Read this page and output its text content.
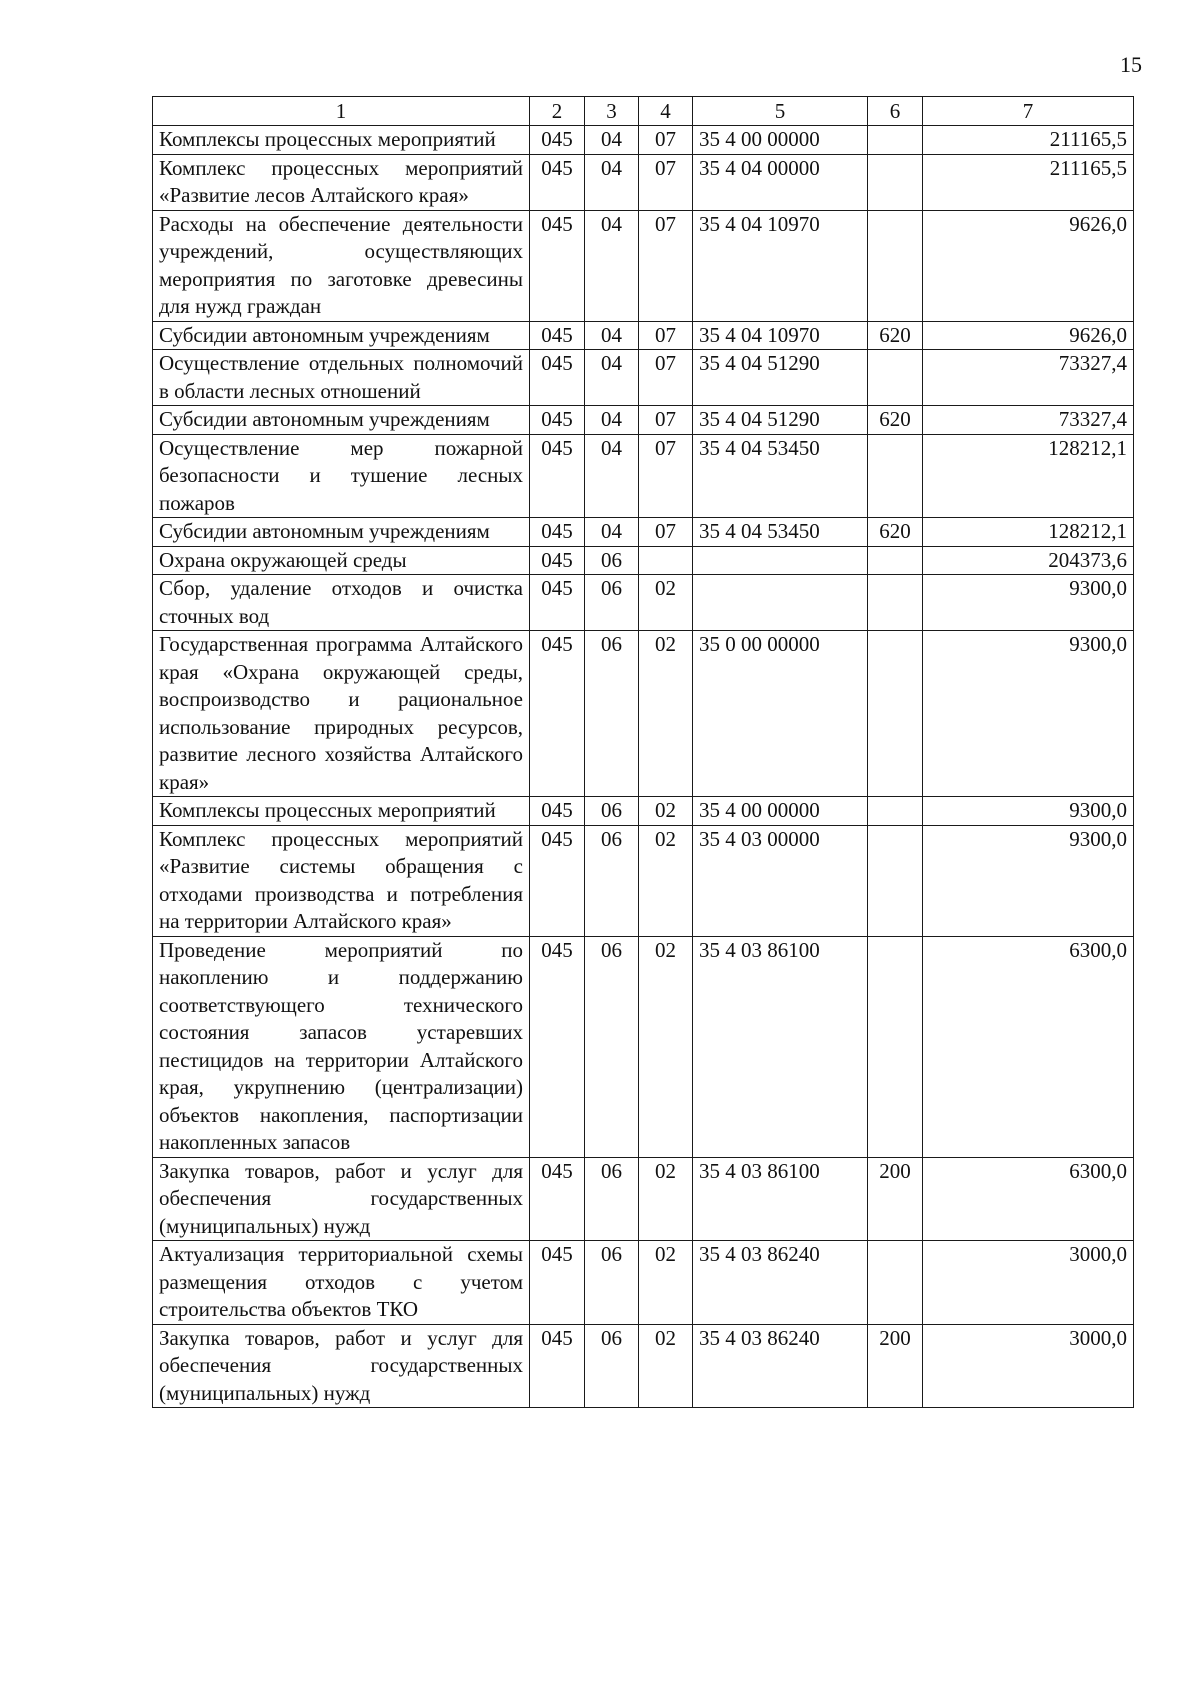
15
1	2	3	4	5	6	7
Комплексы процессных мероприятий	045	04	07	35 4 00 00000		211165,5
Комплекс процессных мероприятий «Развитие лесов Алтайского края»	045	04	07	35 4 04 00000		211165,5
Расходы на обеспечение деятельности учреждений, осуществляющих мероприятия по заготовке древесины для нужд граждан	045	04	07	35 4 04 10970		9626,0
Субсидии автономным учреждениям	045	04	07	35 4 04 10970	620	9626,0
Осуществление отдельных полномочий в области лесных отношений	045	04	07	35 4 04 51290		73327,4
Субсидии автономным учреждениям	045	04	07	35 4 04 51290	620	73327,4
Осуществление мер пожарной безопасности и тушение лесных пожаров	045	04	07	35 4 04 53450		128212,1
Субсидии автономным учреждениям	045	04	07	35 4 04 53450	620	128212,1
Охрана окружающей среды	045	06				204373,6
Сбор, удаление отходов и очистка сточных вод	045	06	02			9300,0
Государственная программа Алтайского края «Охрана окружающей среды, воспроизводство и рациональное использование природных ресурсов, развитие лесного хозяйства Алтайского края»	045	06	02	35 0 00 00000		9300,0
Комплексы процессных мероприятий	045	06	02	35 4 00 00000		9300,0
Комплекс процессных мероприятий «Развитие системы обращения с отходами производства и потребления на территории Алтайского края»	045	06	02	35 4 03 00000		9300,0
Проведение мероприятий по накоплению и поддержанию соответствующего технического состояния запасов устаревших пестицидов на территории Алтайского края, укрупнению (централизации) объектов накопления, паспортизации накопленных запасов	045	06	02	35 4 03 86100		6300,0
Закупка товаров, работ и услуг для обеспечения государственных (муниципальных) нужд	045	06	02	35 4 03 86100	200	6300,0
Актуализация территориальной схемы размещения отходов с учетом строительства объектов ТКО	045	06	02	35 4 03 86240		3000,0
Закупка товаров, работ и услуг для обеспечения государственных (муниципальных) нужд	045	06	02	35 4 03 86240	200	3000,0
